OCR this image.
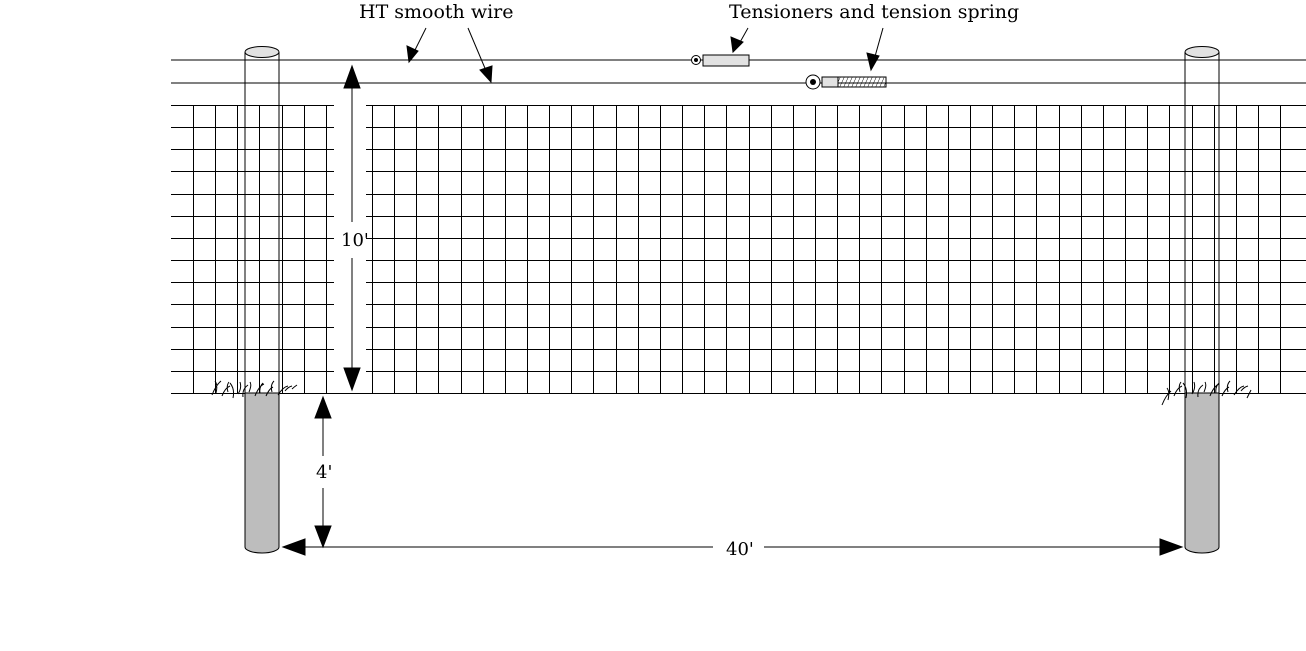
HT smooth wire	Tensioners and tension spring
10'
4'
40'
